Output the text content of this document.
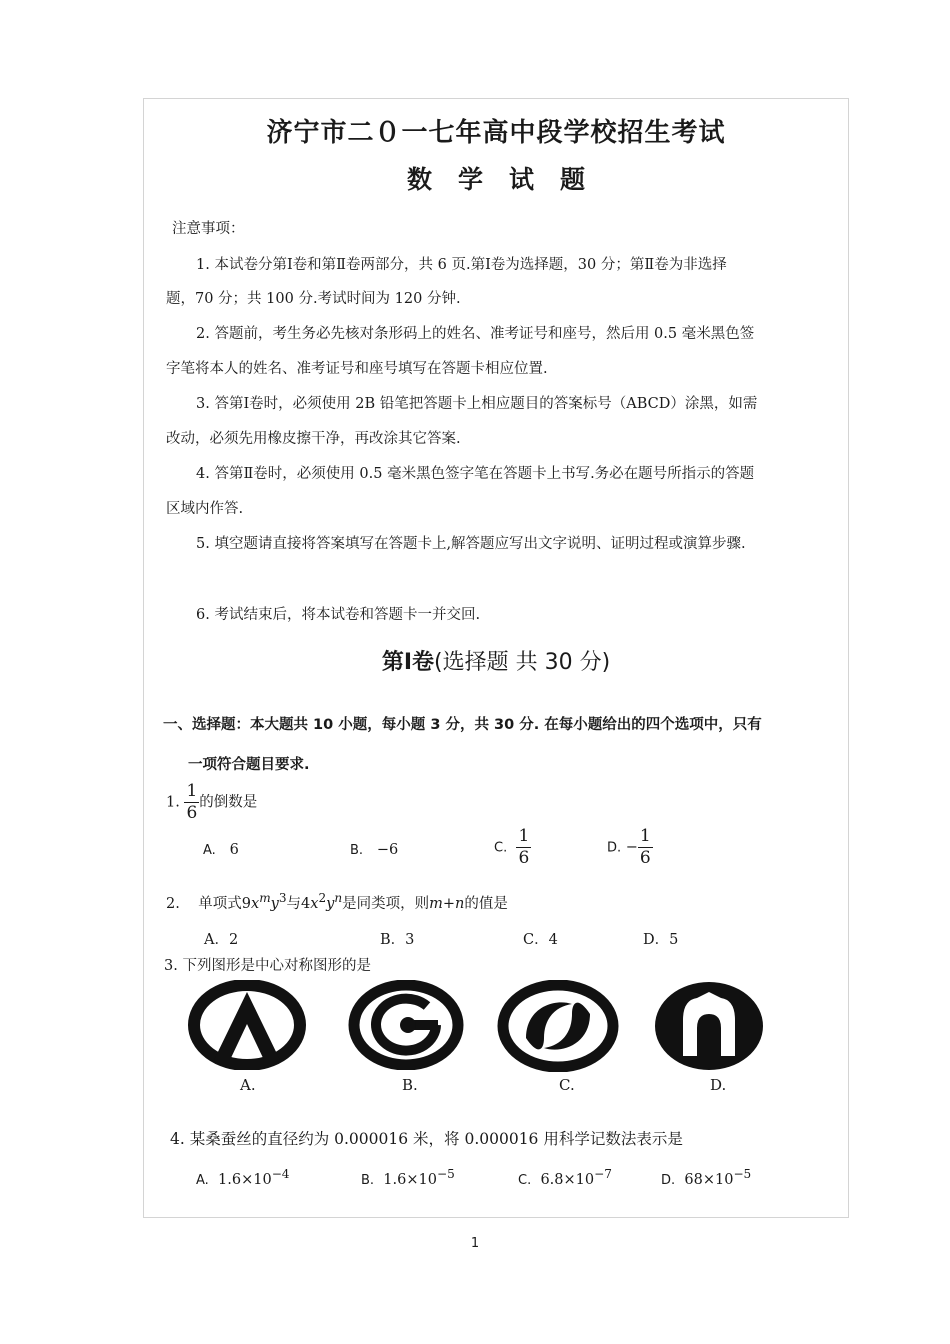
济宁市二０一七年高中段学校招生考试
数学试题
注意事项：
1. 本试卷分第Ⅰ卷和第Ⅱ卷两部分，共 6 页.第Ⅰ卷为选择题，30 分；第Ⅱ卷为非选择
题，70 分；共 100 分.考试时间为 120 分钟.
2. 答题前，考生务必先核对条形码上的姓名、准考证号和座号，然后用 0.5 毫米黑色签
字笔将本人的姓名、准考证号和座号填写在答题卡相应位置.
3. 答第Ⅰ卷时，必须使用 2B 铅笔把答题卡上相应题目的答案标号（ABCD）涂黑，如需
改动，必须先用橡皮擦干净，再改涂其它答案.
4. 答第Ⅱ卷时，必须使用 0.5 毫米黑色签字笔在答题卡上书写.务必在题号所指示的答题
区域内作答.
5. 填空题请直接将答案填写在答题卡上,解答题应写出文字说明、证明过程或演算步骤.
6. 考试结束后，将本试卷和答题卡一并交回.
第Ⅰ卷(选择题 共 30 分)
一、选择题：本大题共 10 小题，每小题 3 分，共 30 分. 在每小题给出的四个选项中，只有
一项符合题目要求.
1. $\frac{1}{6}$ 的倒数是
A. 6	B. −6	C. $\frac{1}{6}$	D. − $\frac{1}{6}$
2. 单项式$9x^my^3$与$4x^2y^n$是同类项，则m+n的值是
A．2	B．3	C．4	D．5
3. 下列图形是中心对称图形的是
A.	B.	C.	D.
4. 某桑蚕丝的直径约为 0.000016 米，将 0.000016 用科学记数法表示是
A. $1.6\times 10^{-4}$	B. $1.6\times 10^{-5}$	C. $6.8\times 10^{-7}$	D. $68\times 10^{-5}$
1
